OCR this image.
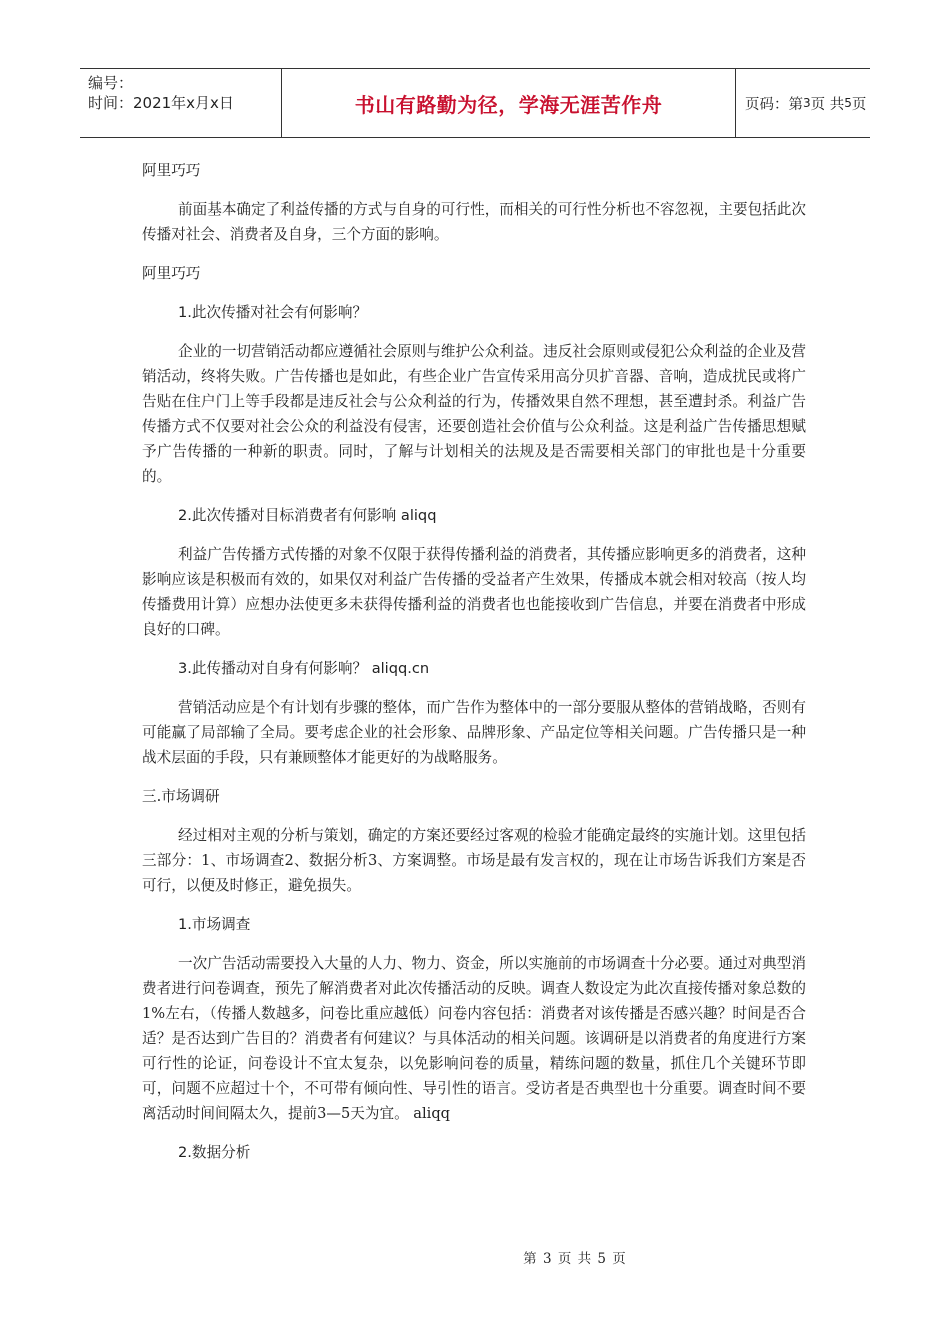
编号：
时间：2021年x月x日	书山有路勤为径，学海无涯苦作舟	页码：第 3 页 共 5 页

阿里巧巧

前面基本确定了利益传播的方式与自身的可行性，而相关的可行性分析也不容忽视，主要包括此次传播对社会、消费者及自身，三个方面的影响。

阿里巧巧

1.此次传播对社会有何影响？

企业的一切营销活动都应遵循社会原则与维护公众利益。违反社会原则或侵犯公众利益的企业及营销活动，终将失败。广告传播也是如此，有些企业广告宣传采用高分贝扩音器、音响，造成扰民或将广告贴在住户门上等手段都是违反社会与公众利益的行为，传播效果自然不理想，甚至遭封杀。利益广告传播方式不仅要对社会公众的利益没有侵害，还要创造社会价值与公众利益。这是利益广告传播思想赋予广告传播的一种新的职责。同时，了解与计划相关的法规及是否需要相关部门的审批也是十分重要的。

2.此次传播对目标消费者有何影响 aliqq

利益广告传播方式传播的对象不仅限于获得传播利益的消费者，其传播应影响更多的消费者，这种影响应该是积极而有效的，如果仅对利益广告传播的受益者产生效果，传播成本就会相对较高（按人均传播费用计算）应想办法使更多未获得传播利益的消费者也也能接收到广告信息，并要在消费者中形成良好的口碑。

3.此传播动对自身有何影响？ aliqq.cn

营销活动应是个有计划有步骤的整体，而广告作为整体中的一部分要服从整体的营销战略，否则有可能赢了局部输了全局。要考虑企业的社会形象、品牌形象、产品定位等相关问题。广告传播只是一种战术层面的手段，只有兼顾整体才能更好的为战略服务。

三.市场调研

经过相对主观的分析与策划，确定的方案还要经过客观的检验才能确定最终的实施计划。这里包括三部分：1、市场调查2、数据分析3、方案调整。市场是最有发言权的，现在让市场告诉我们方案是否可行，以便及时修正，避免损失。

1.市场调查

一次广告活动需要投入大量的人力、物力、资金，所以实施前的市场调查十分必要。通过对典型消费者进行问卷调查，预先了解消费者对此次传播活动的反映。调查人数设定为此次直接传播对象总数的1%左右，（传播人数越多，问卷比重应越低）问卷内容包括：消费者对该传播是否感兴趣？时间是否合适？是否达到广告目的？消费者有何建议？与具体活动的相关问题。该调研是以消费者的角度进行方案可行性的论证，问卷设计不宜太复杂，以免影响问卷的质量，精练问题的数量，抓住几个关键环节即可，问题不应超过十个，不可带有倾向性、导引性的语言。受访者是否典型也十分重要。调查时间不要离活动时间间隔太久，提前3—5天为宜。 aliqq

2.数据分析

第 3 页 共 5 页
